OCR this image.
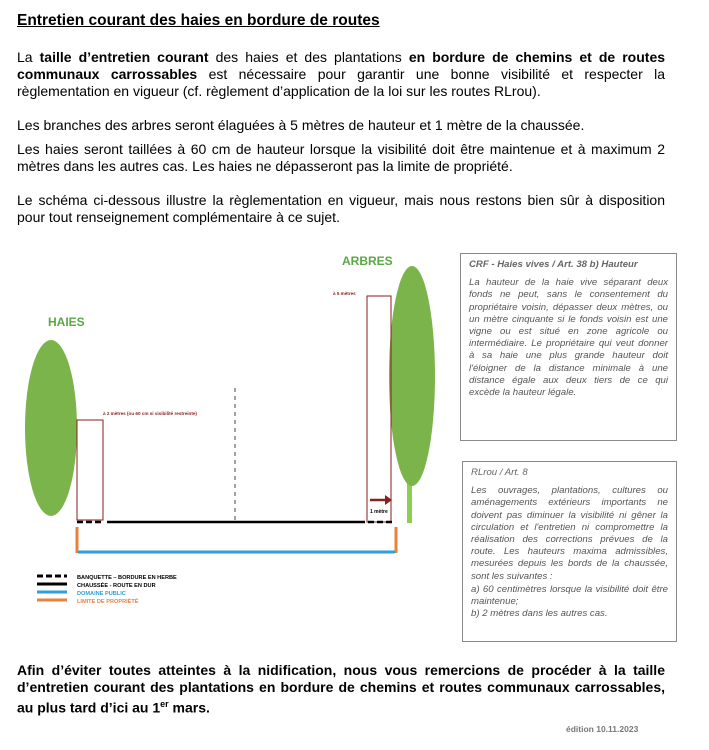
Entretien courant des haies en bordure de routes
La taille d’entretien courant des haies et des plantations en bordure de chemins et de routes communaux carrossables est nécessaire pour garantir une bonne visibilité et respecter la règlementation en vigueur (cf. règlement d’application de la loi sur les routes RLrou).
Les branches des arbres seront élaguées à 5 mètres de hauteur et 1 mètre de la chaussée.
Les haies seront taillées à 60 cm de hauteur lorsque la visibilité doit être maintenue et à maximum 2 mètres dans les autres cas. Les haies ne dépasseront pas la limite de propriété.
Le schéma ci-dessous illustre la règlementation en vigueur, mais nous restons bien sûr à disposition pour tout renseignement complémentaire à ce sujet.
HAIES
ARBRES
à 2 mètres (ou 60 cm si visibilité restreinte)
à 5 mètres
1 mètre
BANQUETTE – BORDURE EN HERBE
CHAUSSÉE - ROUTE EN DUR
DOMAINE PUBLIC
LIMITE DE PROPRIÉTÉ
CRF - Haies vives / Art. 38 b) Hauteur

La hauteur de la haie vive séparant deux fonds ne peut, sans le consentement du propriétaire voisin, dépasser deux mètres, ou un mètre cinquante si le fonds voisin est une vigne ou est situé en zone agricole ou intermédiaire. Le propriétaire qui veut donner à sa haie une plus grande hauteur doit l'éloigner de la distance minimale à une distance égale aux deux tiers de ce qui excède la hauteur légale.

RLrou / Art. 8

Les ouvrages, plantations, cultures ou aménagements extérieurs importants ne doivent pas diminuer la visibilité ni gêner la circulation et l'entretien ni compromettre la réalisation des corrections prévues de la route. Les hauteurs maxima admissibles, mesurées depuis les bords de la chaussée, sont les suivantes :

a) 60 centimètres lorsque la visibilité doit être maintenue;

b) 2 mètres dans les autres cas.

Afin d’éviter toutes atteintes à la nidification, nous vous remercions de procéder à la taille d’entretien courant des plantations en bordure de chemins et routes communaux carrossables, au plus tard d’ici au 1er mars.
édition 10.11.2023
